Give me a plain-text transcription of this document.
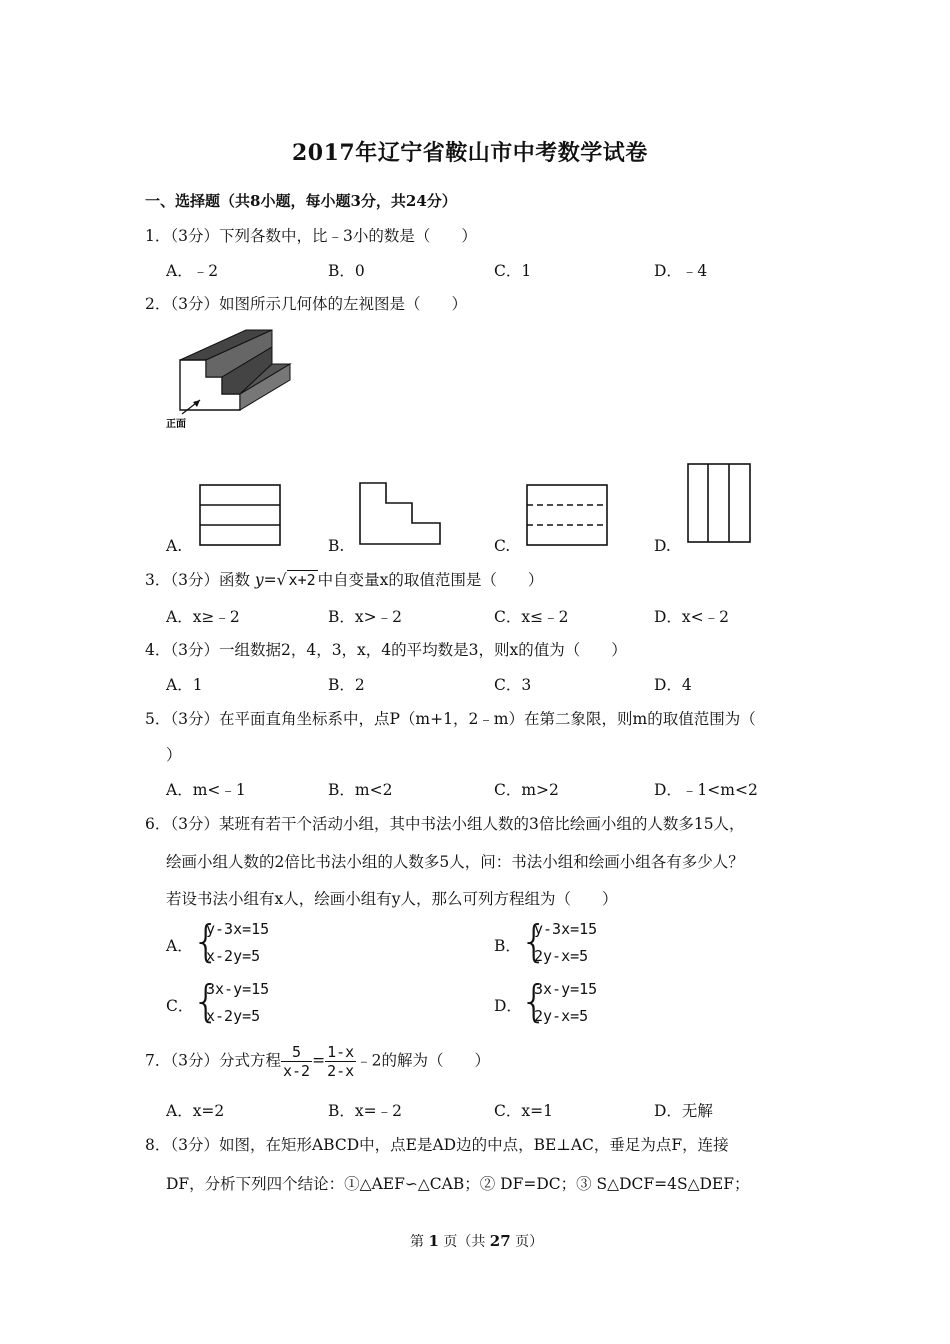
2017年辽宁省鞍山市中考数学试卷
一、选择题（共8小题，每小题3分，共24分）
1．（3分）下列各数中，比﹣3小的数是（　　）
A．﹣2	B．0	C．1	D．﹣4
2．（3分）如图所示几何体的左视图是（　　）
正面
A.	B.	C.	D.
3．（3分）函数 y=√ x+2 中自变量x的取值范围是（　　）
A．x≥﹣2	B．x>﹣2	C．x≤﹣2	D．x<﹣2
4．（3分）一组数据2，4，3，x，4的平均数是3，则x的值为（　　）
A．1	B．2	C．3	D．4
5．（3分）在平面直角坐标系中，点P（m+1，2﹣m）在第二象限，则m的取值范围为（
）
A．m<﹣1	B．m<2	C．m>2	D．﹣1<m<2
6．（3分）某班有若干个活动小组，其中书法小组人数的3倍比绘画小组的人数多15人，
绘画小组人数的2倍比书法小组的人数多5人，问：书法小组和绘画小组各有多少人？
若设书法小组有x人，绘画小组有y人，那么可列方程组为（　　）
A． {
y-3x=15
x-2y=5
B． {
y-3x=15
2y-x=5
C．
{
3x-y=15
x-2y=5
D．
{
3x-y=15
2y-x=5
7．（3分）分式方程 $\frac{5}{x-2} = \frac{1-x}{2-x}$ ﹣2的解为（　　）
A．x=2	B．x=﹣2	C．x=1	D．无解
8．（3分）如图，在矩形ABCD中，点E是AD边的中点，BE⊥AC，垂足为点F，连接
DF，分析下列四个结论：①△AEF∽△CAB；② DF=DC；③ S△DCF=4S△DEF；
第 1 页（共 27 页）
